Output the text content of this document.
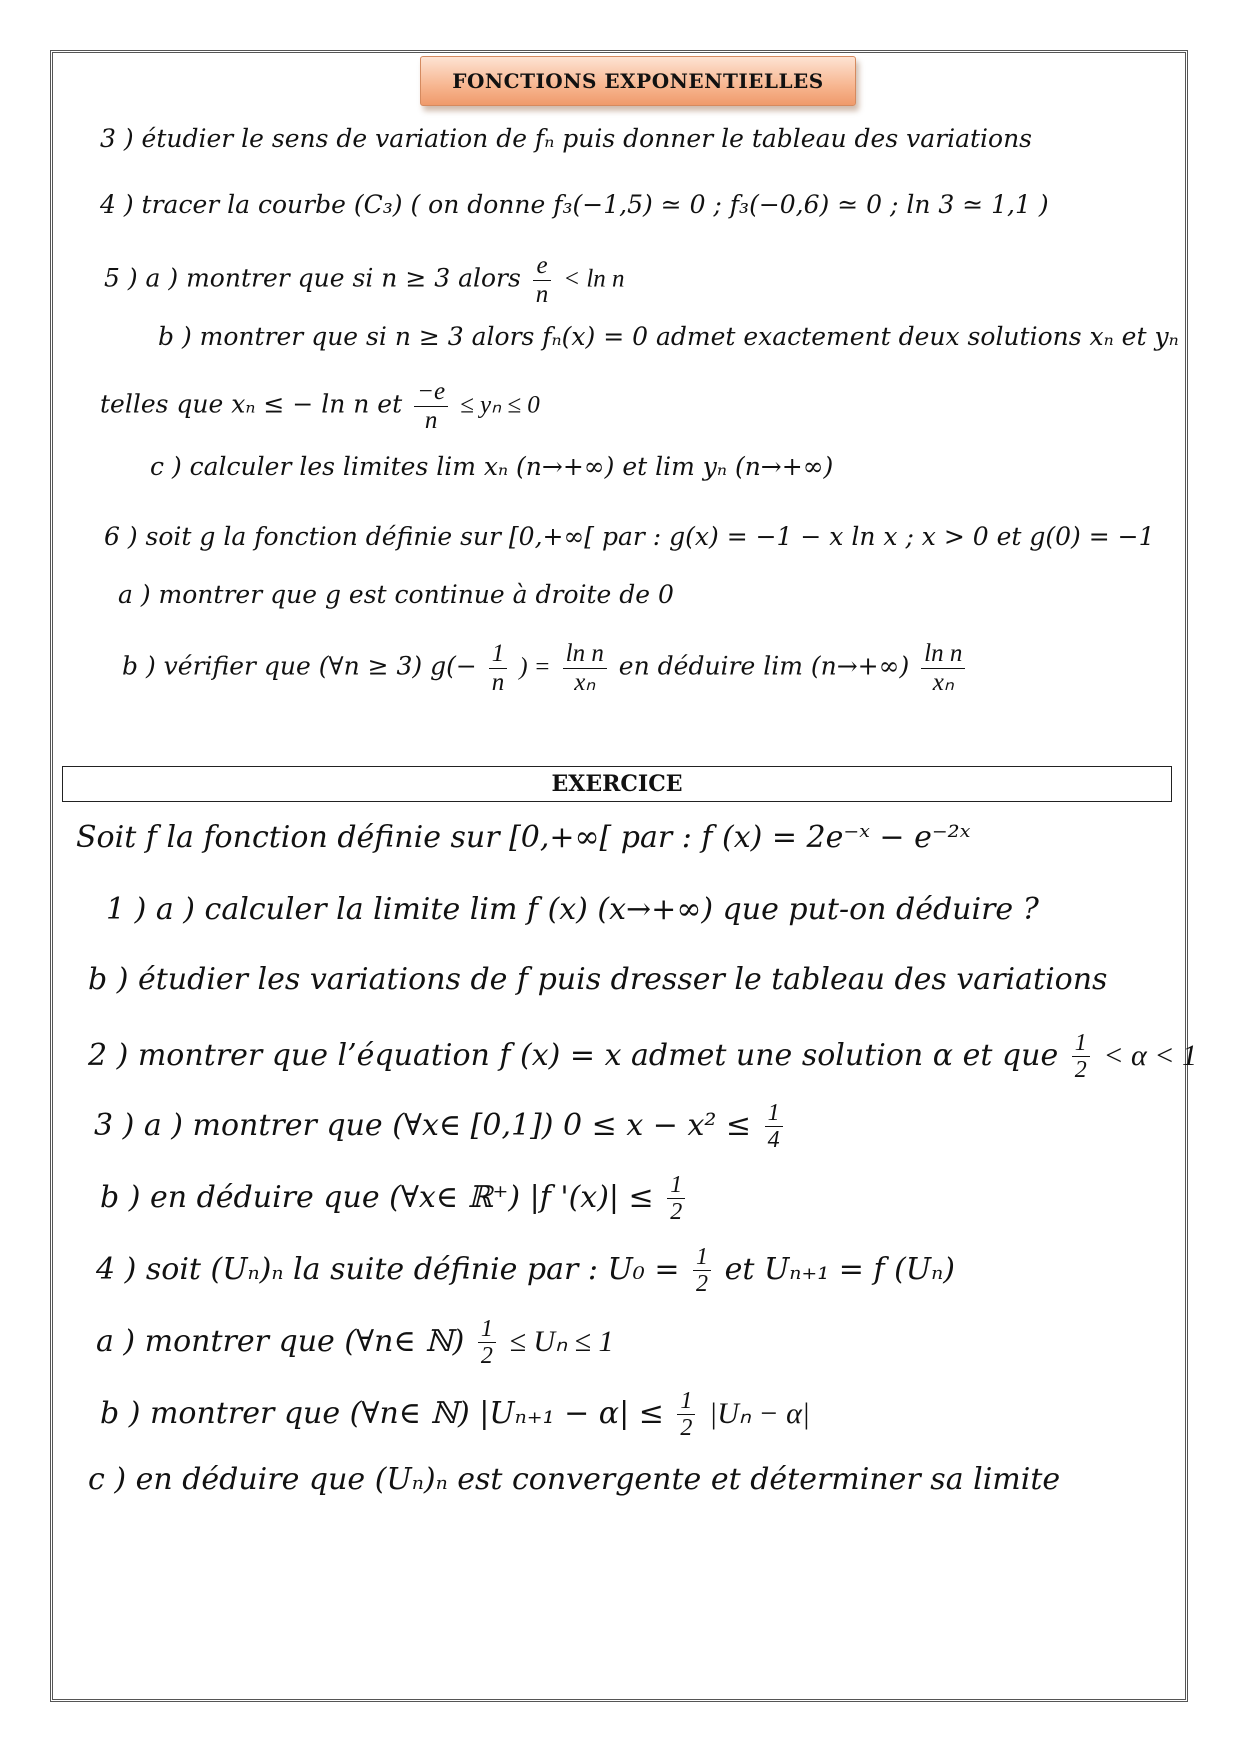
FONCTIONS EXPONENTIELLES
3 ) étudier le sens de variation de fₙ puis donner le tableau des variations
4 ) tracer la courbe (C₃) ( on donne f₃(−1,5) ≃ 0 ; f₃(−0,6) ≃ 0 ; ln 3 ≃ 1,1 )
5 ) a ) montrer que si n ≥ 3 alors $\frac{e}{n} < \ln n$
b ) montrer que si n ≥ 3 alors fₙ(x) = 0 admet exactement deux solutions xₙ et yₙ
telles que xₙ ≤ − ln n et $\frac{-e}{n} \le y_n \le 0$
c ) calculer les limites lim xₙ (n→+∞) et lim yₙ (n→+∞)
6 ) soit g la fonction définie sur [0,+∞[ par : g(x) = −1 − x ln x ; x > 0 et g(0) = −1
a ) montrer que g est continue à droite de 0
b ) vérifier que (∀n ≥ 3) $g(- \frac{1}{n}$ ) = $\frac{\text{ln n}}{\text{xₙ}}$ en déduire $\lim (n\to+\infty) \frac{\text{ln n}}{\text{xₙ}}$
EXERCICE
Soit f la fonction définie sur [0,+∞[ par : f (x) = 2e⁻ˣ − e⁻²ˣ
1 ) a ) calculer la limite lim f (x) (x→+∞) que put-on déduire ?
b ) étudier les variations de f puis dresser le tableau des variations
2 ) montrer que l’équation f (x) = x admet une solution α et que $\frac{1}{2} < \alpha < 1$
3 ) a ) montrer que (∀x∈ [0,1]) $0 \le x - x^2 \le \frac{1}{4}$
b ) en déduire que (∀x∈ ℝ⁺) |f '$(x)| \le \frac{1}{2}$
4 ) soit (Uₙ)ₙ la suite définie par : $U_0 = \frac{1}{2}$ et Uₙ₊₁ = f (Uₙ)
a ) montrer que (∀n∈ ℕ) $\frac{1}{2} \le U_n \le 1$
b ) montrer que (∀n∈ ℕ) $|U_{n+1} - \alpha| \le \frac{1}{2} |U_n - \alpha|$
c ) en déduire que (Uₙ)ₙ est convergente et déterminer sa limite
